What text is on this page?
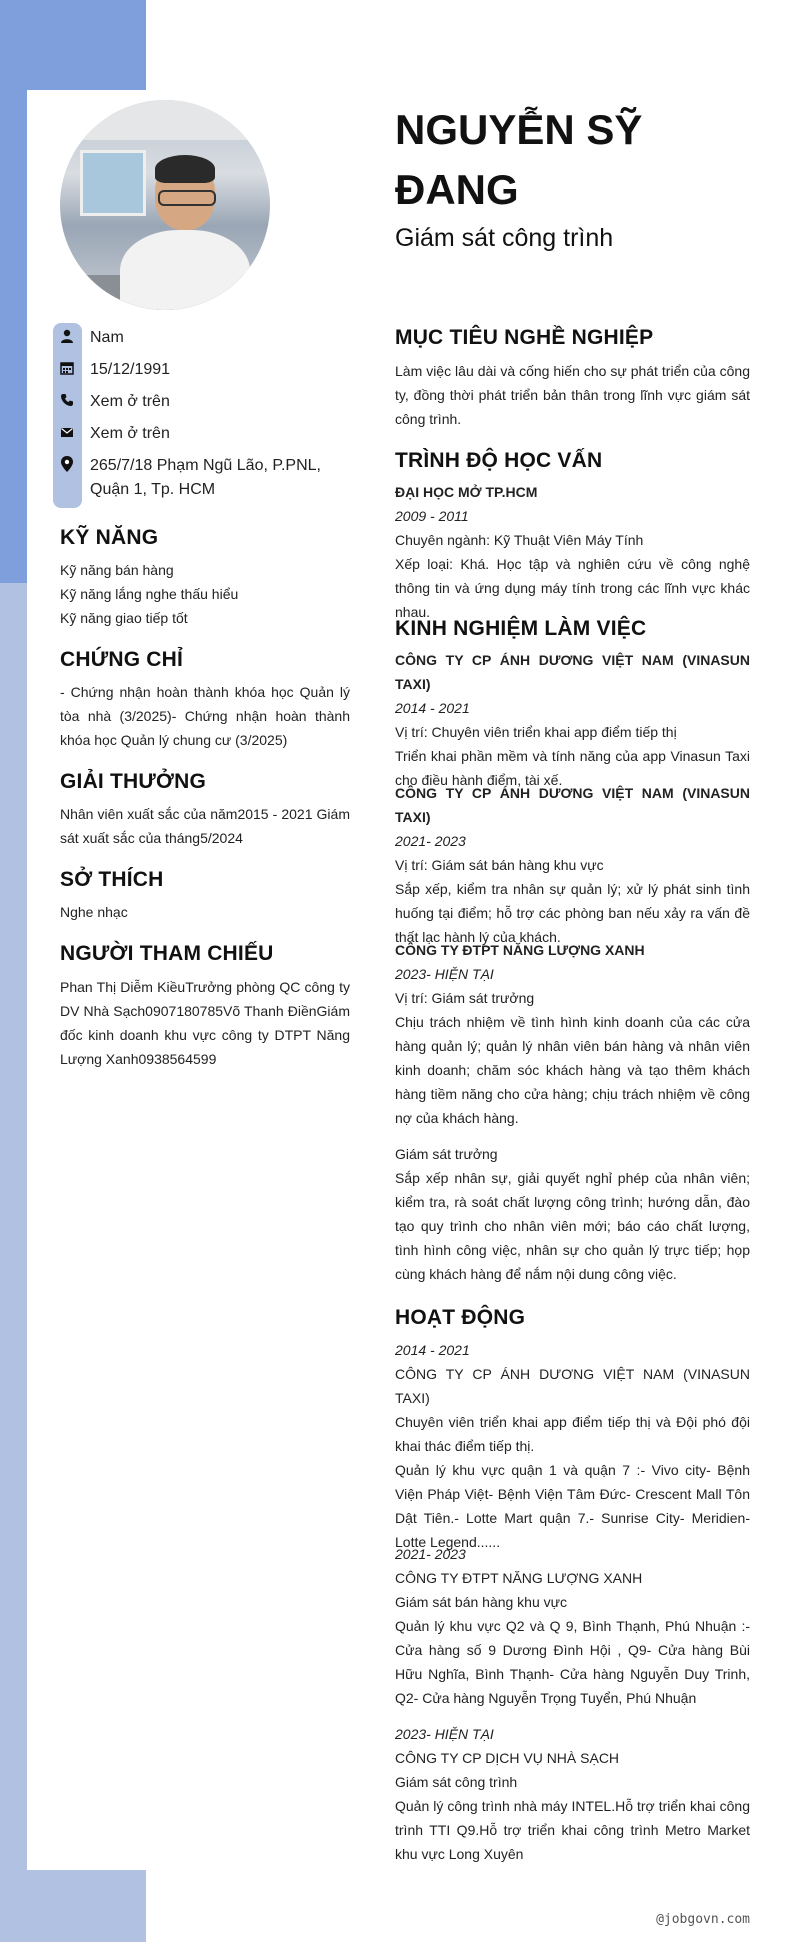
Nam
15/12/1991
Xem ở trên
Xem ở trên
265/7/18 Phạm Ngũ Lão, P.PNL, Quận 1, Tp. HCM
KỸ NĂNG
Kỹ năng bán hàng
Kỹ năng lắng nghe thấu hiểu
Kỹ năng giao tiếp tốt
CHỨNG CHỈ
- Chứng nhận hoàn thành khóa học Quản lý tòa nhà (3/2025)- Chứng nhận hoàn thành khóa học Quản lý chung cư (3/2025)
GIẢI THƯỞNG
Nhân viên xuất sắc của năm2015 - 2021 Giám sát xuất sắc của tháng5/2024
SỞ THÍCH
Nghe nhạc
NGƯỜI THAM CHIẾU
Phan Thị Diễm KiềuTrưởng phòng QC công ty DV Nhà Sạch0907180785Võ Thanh ĐiềnGiám đốc kinh doanh khu vực công ty DTPT Năng Lượng Xanh0938564599
NGUYỄN SỸ ĐANG
Giám sát công trình
MỤC TIÊU NGHỀ NGHIỆP
Làm việc lâu dài và cống hiến cho sự phát triển của công ty, đồng thời phát triển bản thân trong lĩnh vực giám sát công trình.
TRÌNH ĐỘ HỌC VẤN
ĐẠI HỌC MỞ TP.HCM
2009 - 2011
Chuyên ngành: Kỹ Thuật Viên Máy Tính
Xếp loại: Khá. Học tập và nghiên cứu về công nghệ thông tin và ứng dụng máy tính trong các lĩnh vực khác nhau.
KINH NGHIỆM LÀM VIỆC
CÔNG TY CP ÁNH DƯƠNG VIỆT NAM (VINASUN TAXI)
2014 - 2021
Vị trí: Chuyên viên triển khai app điểm tiếp thị
Triển khai phần mềm và tính năng của app Vinasun Taxi cho điều hành điểm, tài xế.
CÔNG TY CP ÁNH DƯƠNG VIỆT NAM (VINASUN TAXI)
2021- 2023
Vị trí: Giám sát bán hàng khu vực
Sắp xếp, kiểm tra nhân sự quản lý; xử lý phát sinh tình huống tại điểm; hỗ trợ các phòng ban nếu xảy ra vấn đề thất lạc hành lý của khách.
CÔNG TY ĐTPT NĂNG LƯỢNG XANH
2023- HIỆN TẠI
Vị trí: Giám sát trưởng
Chịu trách nhiệm về tình hình kinh doanh của các cửa hàng quản lý; quản lý nhân viên bán hàng và nhân viên kinh doanh; chăm sóc khách hàng và tạo thêm khách hàng tiềm năng cho cửa hàng; chịu trách nhiệm về công nợ của khách hàng.
Giám sát trưởng
Sắp xếp nhân sự, giải quyết nghỉ phép của nhân viên; kiểm tra, rà soát chất lượng công trình; hướng dẫn, đào tạo quy trình cho nhân viên mới; báo cáo chất lượng, tình hình công việc, nhân sự cho quản lý trực tiếp; họp cùng khách hàng để nắm nội dung công việc.
HOẠT ĐỘNG
2014 - 2021
CÔNG TY CP ÁNH DƯƠNG VIỆT NAM (VINASUN TAXI)
Chuyên viên triển khai app điểm tiếp thị và Đội phó đội khai thác điểm tiếp thị.
Quản lý khu vực quận 1 và quận 7 :- Vivo city- Bệnh Viện Pháp Việt- Bệnh Viện Tâm Đức- Crescent Mall Tôn Dật Tiên.- Lotte Mart quận 7.- Sunrise City- Meridien- Lotte Legend......
2021- 2023
CÔNG TY ĐTPT NĂNG LƯỢNG XANH
Giám sát bán hàng khu vực
Quản lý khu vực Q2 và Q 9, Bình Thạnh, Phú Nhuận :- Cửa hàng số 9 Dương Đình Hội , Q9- Cửa hàng Bùi Hữu Nghĩa, Bình Thạnh- Cửa hàng Nguyễn Duy Trinh, Q2- Cửa hàng Nguyễn Trọng Tuyển, Phú Nhuận
2023- HIỆN TẠI
CÔNG TY CP DỊCH VỤ NHÀ SẠCH
Giám sát công trình
Quản lý công trình nhà máy INTEL.Hỗ trợ triển khai công trình TTI Q9.Hỗ trợ triển khai công trình Metro Market khu vực Long Xuyên
@jobgovn.com
